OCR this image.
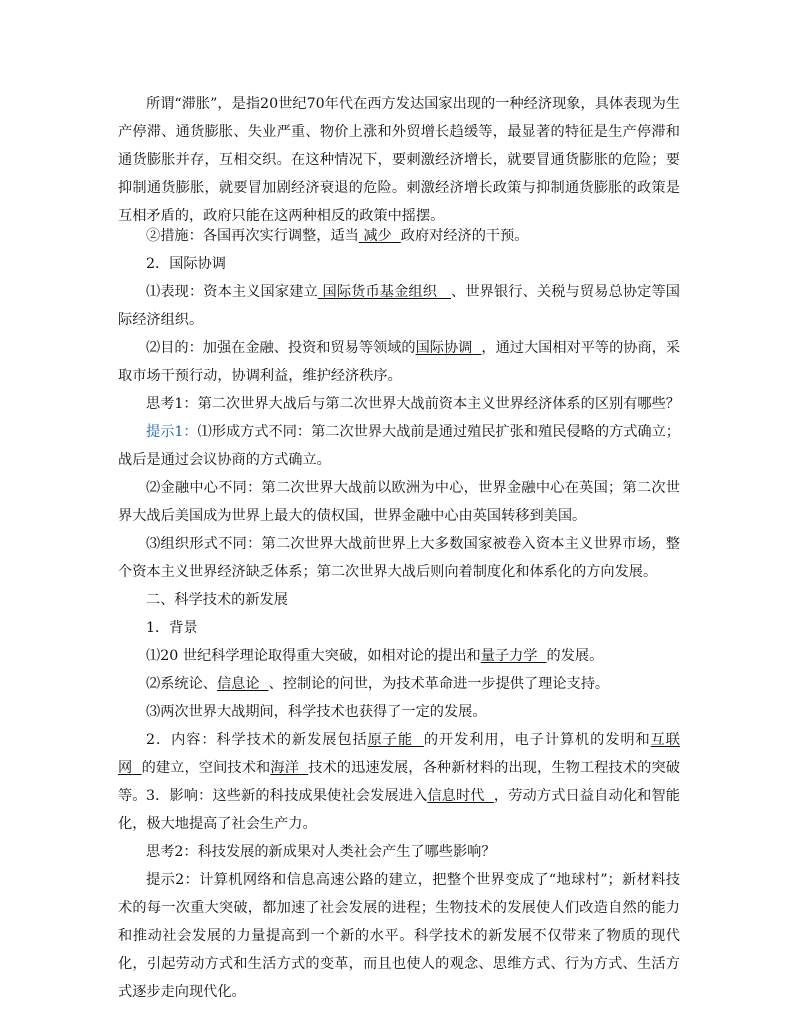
所谓“滞胀”，是指20世纪70年代在西方发达国家出现的一种经济现象，具体表现为生产停滞、通货膨胀、失业严重、物价上涨和外贸增长趋缓等，最显著的特征是生产停滞和通货膨胀并存，互相交织。在这种情况下，要刺激经济增长，就要冒通货膨胀的危险；要抑制通货膨胀，就要冒加剧经济衰退的危险。刺激经济增长政策与抑制通货膨胀的政策是互相矛盾的，政府只能在这两种相反的政策中摇摆。

②措施：各国再次实行调整，适当 减少 政府对经济的干预。

2．国际协调

⑴表现：资本主义国家建立 国际货币基金组织 、世界银行、关税与贸易总协定等国际经济组织。

⑵目的：加强在金融、投资和贸易等领域的国际协调 ，通过大国相对平等的协商，采取市场干预行动，协调利益，维护经济秩序。

思考1：第二次世界大战后与第二次世界大战前资本主义世界经济体系的区别有哪些？

提示1：⑴形成方式不同：第二次世界大战前是通过殖民扩张和殖民侵略的方式确立；战后是通过会议协商的方式确立。

⑵金融中心不同：第二次世界大战前以欧洲为中心，世界金融中心在英国；第二次世界大战后美国成为世界上最大的债权国，世界金融中心由英国转移到美国。

⑶组织形式不同：第二次世界大战前世界上大多数国家被卷入资本主义世界市场，整个资本主义世界经济缺乏体系；第二次世界大战后则向着制度化和体系化的方向发展。

二、科学技术的新发展

1．背景

⑴20 世纪科学理论取得重大突破，如相对论的提出和量子力学 的发展。

⑵系统论、信息论 、控制论的问世，为技术革命进一步提供了理论支持。

⑶两次世界大战期间，科学技术也获得了一定的发展。

2．内容：科学技术的新发展包括原子能 的开发利用，电子计算机的发明和互联网 的建立，空间技术和海洋 技术的迅速发展，各种新材料的出现，生物工程技术的突破等。 3．影响：这些新的科技成果使社会发展进入信息时代 ，劳动方式日益自动化和智能化，极大地提高了社会生产力。

思考2：科技发展的新成果对人类社会产生了哪些影响？

提示2：计算机网络和信息高速公路的建立，把整个世界变成了“地球村”；新材料技术的每一次重大突破，都加速了社会发展的进程；生物技术的发展使人们改造自然的能力和推动社会发展的力量提高到一个新的水平。科学技术的新发展不仅带来了物质的现代化，引起劳动方式和生活方式的变革，而且也使人的观念、思维方式、行为方式、生活方式逐步走向现代化。
